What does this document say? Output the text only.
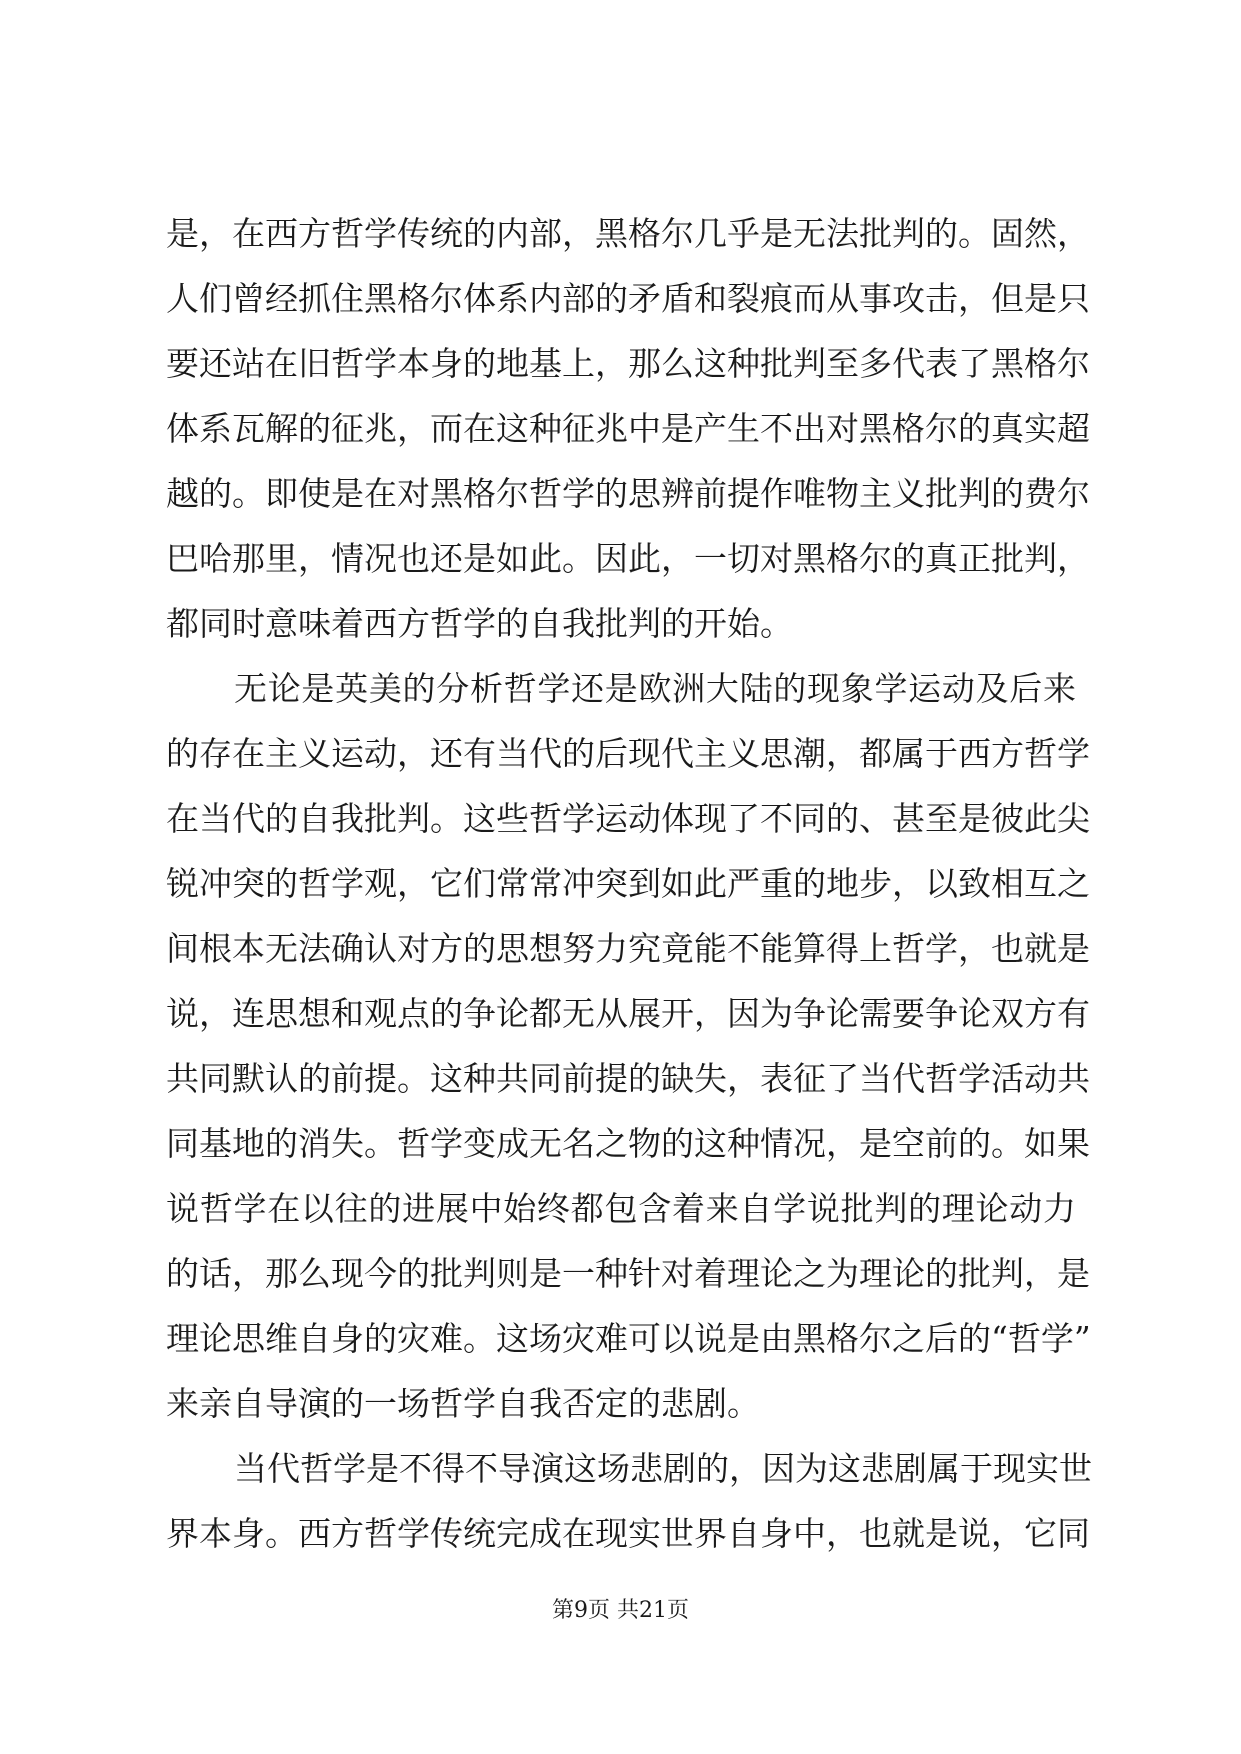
是，在西方哲学传统的内部，黑格尔几乎是无法批判的。固然，
人们曾经抓住黑格尔体系内部的矛盾和裂痕而从事攻击，但是只
要还站在旧哲学本身的地基上，那么这种批判至多代表了黑格尔
体系瓦解的征兆，而在这种征兆中是产生不出对黑格尔的真实超
越的。即使是在对黑格尔哲学的思辨前提作唯物主义批判的费尔
巴哈那里，情况也还是如此。因此，一切对黑格尔的真正批判，
都同时意味着西方哲学的自我批判的开始。
无论是英美的分析哲学还是欧洲大陆的现象学运动及后来
的存在主义运动，还有当代的后现代主义思潮，都属于西方哲学
在当代的自我批判。这些哲学运动体现了不同的、甚至是彼此尖
锐冲突的哲学观，它们常常冲突到如此严重的地步，以致相互之
间根本无法确认对方的思想努力究竟能不能算得上哲学，也就是
说，连思想和观点的争论都无从展开，因为争论需要争论双方有
共同默认的前提。这种共同前提的缺失，表征了当代哲学活动共
同基地的消失。哲学变成无名之物的这种情况，是空前的。如果
说哲学在以往的进展中始终都包含着来自学说批判的理论动力
的话，那么现今的批判则是一种针对着理论之为理论的批判，是
理论思维自身的灾难。这场灾难可以说是由黑格尔之后的“哲学”
来亲自导演的一场哲学自我否定的悲剧。
当代哲学是不得不导演这场悲剧的，因为这悲剧属于现实世
界本身。西方哲学传统完成在现实世界自身中，也就是说，它同
第9页 共21页
